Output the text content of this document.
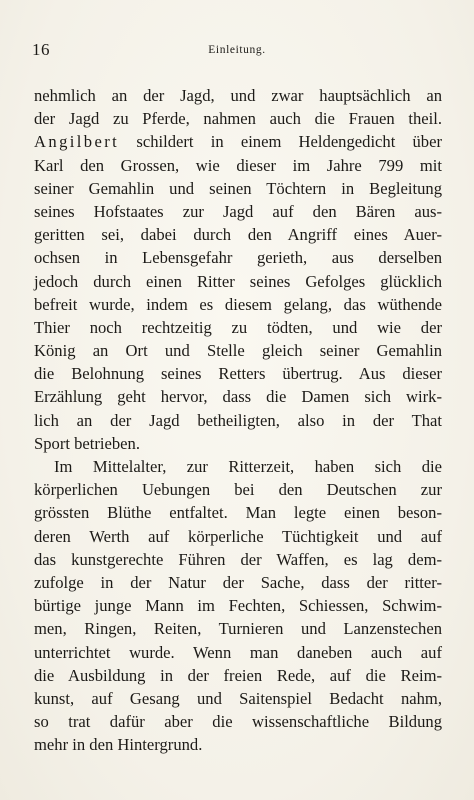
16	Einleitung.
nehmlich an der Jagd, und zwar hauptsächlich an
der Jagd zu Pferde, nahmen auch die Frauen theil.
Angilbert schildert in einem Heldengedicht über
Karl den Grossen, wie dieser im Jahre 799 mit
seiner Gemahlin und seinen Töchtern in Begleitung
seines Hofstaates zur Jagd auf den Bären aus-
geritten sei, dabei durch den Angriff eines Auer-
ochsen in Lebensgefahr gerieth, aus derselben
jedoch durch einen Ritter seines Gefolges glücklich
befreit wurde, indem es diesem gelang, das wüthende
Thier noch rechtzeitig zu tödten, und wie der
König an Ort und Stelle gleich seiner Gemahlin
die Belohnung seines Retters übertrug. Aus dieser
Erzählung geht hervor, dass die Damen sich wirk-
lich an der Jagd betheiligten, also in der That
Sport betrieben.
Im Mittelalter, zur Ritterzeit, haben sich die
körperlichen Uebungen bei den Deutschen zur
grössten Blüthe entfaltet. Man legte einen beson-
deren Werth auf körperliche Tüchtigkeit und auf
das kunstgerechte Führen der Waffen, es lag dem-
zufolge in der Natur der Sache, dass der ritter-
bürtige junge Mann im Fechten, Schiessen, Schwim-
men, Ringen, Reiten, Turnieren und Lanzenstechen
unterrichtet wurde. Wenn man daneben auch auf
die Ausbildung in der freien Rede, auf die Reim-
kunst, auf Gesang und Saitenspiel Bedacht nahm,
so trat dafür aber die wissenschaftliche Bildung
mehr in den Hintergrund.
